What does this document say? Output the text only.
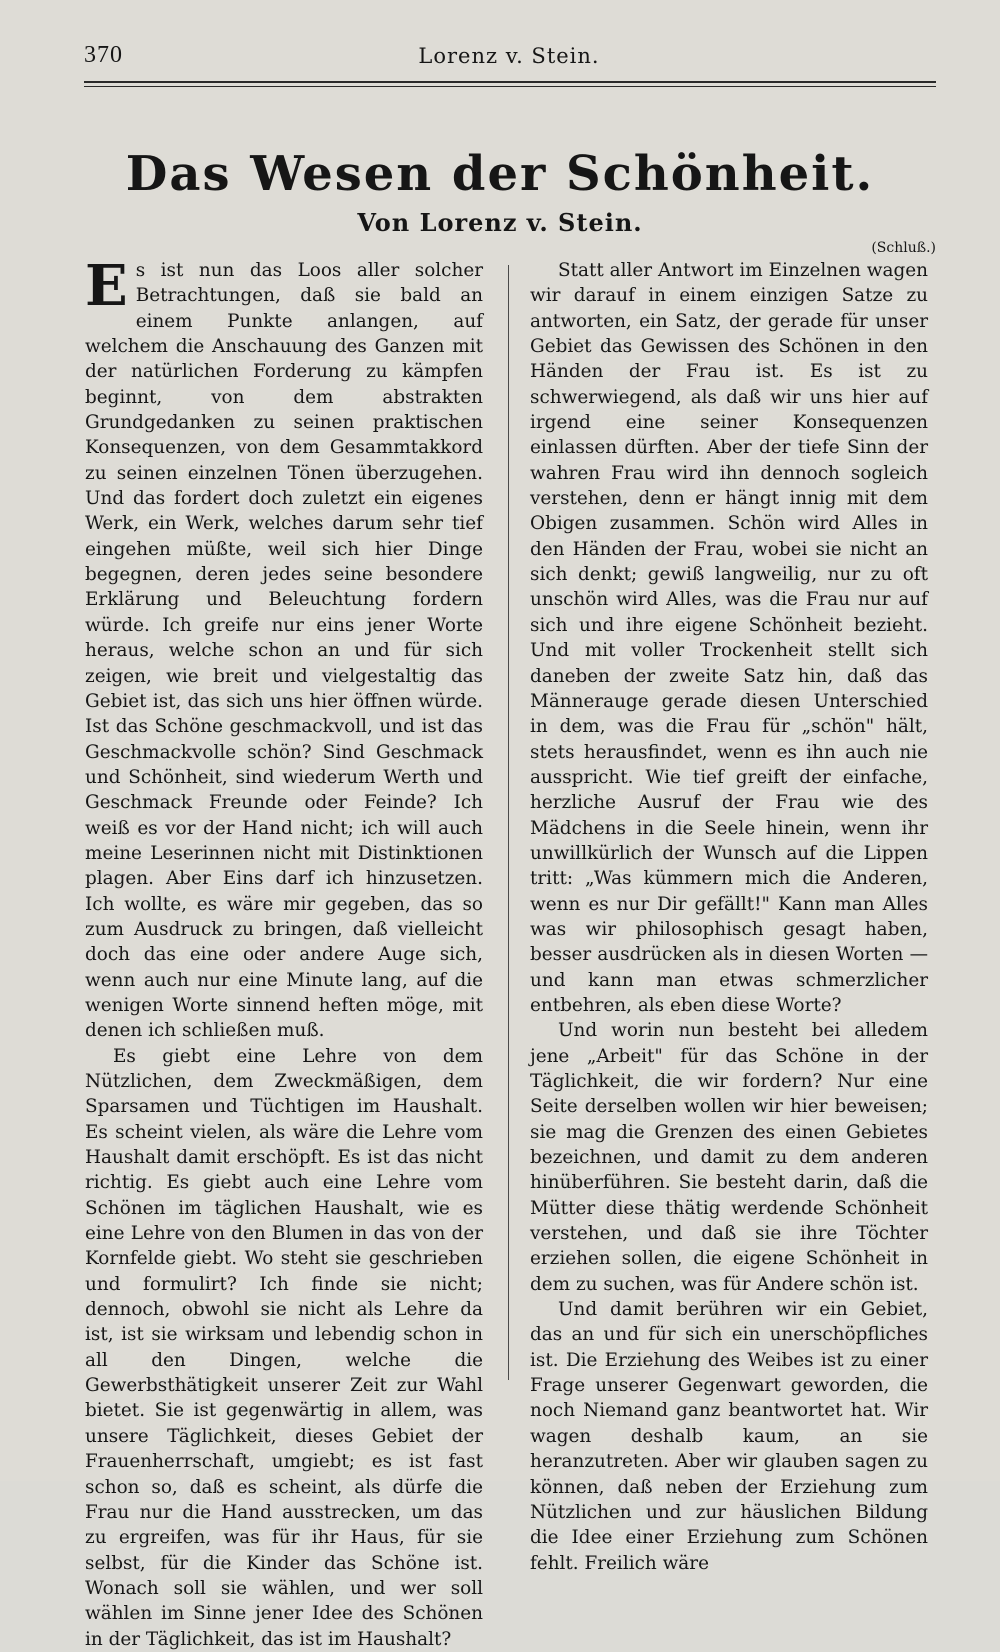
370	Lorenz v. Stein.
Das Wesen der Schönheit.
Von Lorenz v. Stein.
(Schluß.)

Es ist nun das Loos aller solcher Betrachtungen, daß sie bald an einem Punkte anlangen, auf welchem die Anschauung des Ganzen mit der natürlichen Forderung zu kämpfen beginnt, von dem abstrakten Grundgedanken zu seinen praktischen Konsequenzen, von dem Gesammtakkord zu seinen einzelnen Tönen überzugehen. Und das fordert doch zuletzt ein eigenes Werk, ein Werk, welches darum sehr tief eingehen müßte, weil sich hier Dinge begegnen, deren jedes seine besondere Erklärung und Beleuchtung fordern würde. Ich greife nur eins jener Worte heraus, welche schon an und für sich zeigen, wie breit und vielgestaltig das Gebiet ist, das sich uns hier öffnen würde. Ist das Schöne geschmackvoll, und ist das Geschmackvolle schön? Sind Geschmack und Schönheit, sind wiederum Werth und Geschmack Freunde oder Feinde? Ich weiß es vor der Hand nicht; ich will auch meine Leserinnen nicht mit Distinktionen plagen. Aber Eins darf ich hinzusetzen. Ich wollte, es wäre mir gegeben, das so zum Ausdruck zu bringen, daß vielleicht doch das eine oder andere Auge sich, wenn auch nur eine Minute lang, auf die wenigen Worte sinnend heften möge, mit denen ich schließen muß.

Es giebt eine Lehre von dem Nützlichen, dem Zweckmäßigen, dem Sparsamen und Tüchtigen im Haushalt. Es scheint vielen, als wäre die Lehre vom Haushalt damit erschöpft. Es ist das nicht richtig. Es giebt auch eine Lehre vom Schönen im täglichen Haushalt, wie es eine Lehre von den Blumen in das von der Kornfelde giebt. Wo steht sie geschrieben und formulirt? Ich finde sie nicht; dennoch, obwohl sie nicht als Lehre da ist, ist sie wirksam und lebendig schon in all den Dingen, welche die Gewerbsthätigkeit unserer Zeit zur Wahl bietet. Sie ist gegenwärtig in allem, was unsere Täglichkeit, dieses Gebiet der Frauenherrschaft, umgiebt; es ist fast schon so, daß es scheint, als dürfe die Frau nur die Hand ausstrecken, um das zu ergreifen, was für ihr Haus, für sie selbst, für die Kinder das Schöne ist. Wonach soll sie wählen, und wer soll wählen im Sinne jener Idee des Schönen in der Täglichkeit, das ist im Haushalt?

Statt aller Antwort im Einzelnen wagen wir darauf in einem einzigen Satze zu antworten, ein Satz, der gerade für unser Gebiet das Gewissen des Schönen in den Händen der Frau ist. Es ist zu schwerwiegend, als daß wir uns hier auf irgend eine seiner Konsequenzen einlassen dürften. Aber der tiefe Sinn der wahren Frau wird ihn dennoch sogleich verstehen, denn er hängt innig mit dem Obigen zusammen. Schön wird Alles in den Händen der Frau, wobei sie nicht an sich denkt; gewiß langweilig, nur zu oft unschön wird Alles, was die Frau nur auf sich und ihre eigene Schönheit bezieht. Und mit voller Trockenheit stellt sich daneben der zweite Satz hin, daß das Männerauge gerade diesen Unterschied in dem, was die Frau für „schön" hält, stets herausfindet, wenn es ihn auch nie ausspricht. Wie tief greift der einfache, herzliche Ausruf der Frau wie des Mädchens in die Seele hinein, wenn ihr unwillkürlich der Wunsch auf die Lippen tritt: „Was kümmern mich die Anderen, wenn es nur Dir gefällt!" Kann man Alles was wir philosophisch gesagt haben, besser ausdrücken als in diesen Worten — und kann man etwas schmerzlicher entbehren, als eben diese Worte?

Und worin nun besteht bei alledem jene „Arbeit" für das Schöne in der Täglichkeit, die wir fordern? Nur eine Seite derselben wollen wir hier beweisen; sie mag die Grenzen des einen Gebietes bezeichnen, und damit zu dem anderen hinüberführen. Sie besteht darin, daß die Mütter diese thätig werdende Schönheit verstehen, und daß sie ihre Töchter erziehen sollen, die eigene Schönheit in dem zu suchen, was für Andere schön ist.

Und damit berühren wir ein Gebiet, das an und für sich ein unerschöpfliches ist. Die Erziehung des Weibes ist zu einer Frage unserer Gegenwart geworden, die noch Niemand ganz beantwortet hat. Wir wagen deshalb kaum, an sie heranzutreten. Aber wir glauben sagen zu können, daß neben der Erziehung zum Nützlichen und zur häuslichen Bildung die Idee einer Erziehung zum Schönen fehlt. Freilich wäre
